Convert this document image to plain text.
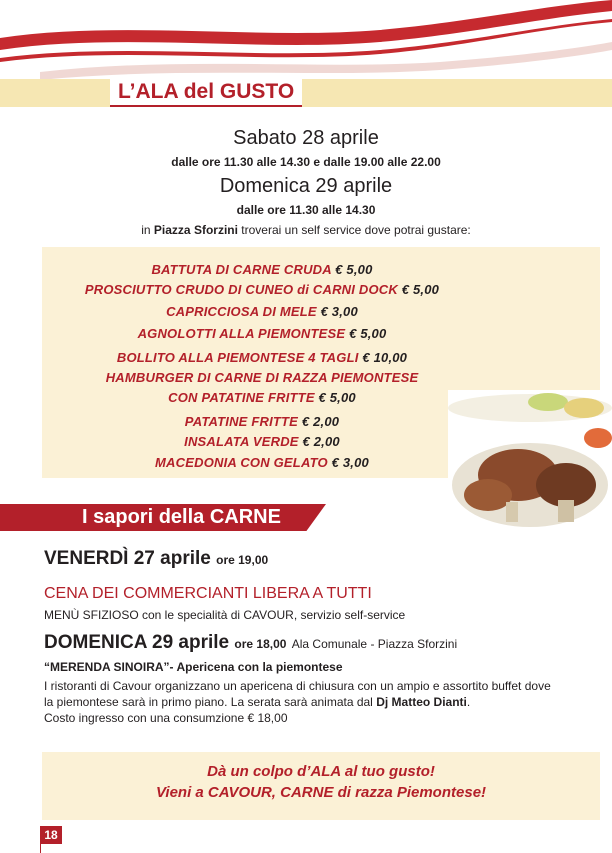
L’ALA del GUSTO
Sabato 28 aprile
dalle ore 11.30 alle 14.30 e dalle 19.00 alle 22.00
Domenica 29 aprile
dalle ore 11.30 alle 14.30
in Piazza Sforzini troverai un self service dove potrai gustare:
BATTUTA DI CARNE CRUDA € 5,00
PROSCIUTTO CRUDO DI CUNEO di CARNI DOCK € 5,00
CAPRICCIOSA DI MELE € 3,00
AGNOLOTTI ALLA PIEMONTESE € 5,00
BOLLITO ALLA PIEMONTESE 4 TAGLI € 10,00
HAMBURGER DI CARNE DI RAZZA PIEMONTESE
CON PATATINE FRITTE € 5,00
PATATINE FRITTE € 2,00
INSALATA VERDE € 2,00
MACEDONIA CON GELATO € 3,00
I sapori della CARNE
VENERDÌ 27 aprile ore 19,00
CENA DEI COMMERCIANTI LIBERA A TUTTI
MENÙ SFIZIOSO con le specialità di CAVOUR, servizio self-service
DOMENICA 29 aprile ore 18,00 Ala Comunale - Piazza Sforzini
“MERENDA SINOIRA”- Apericena con la piemontese
I ristoranti di Cavour organizzano un apericena di chiusura con un ampio e assortito buffet dove
la piemontese sarà in primo piano. La serata sarà animata dal Dj Matteo Dianti.
Costo ingresso con una consumzione € 18,00
Dà un colpo d’ALA al tuo gusto!
Vieni a CAVOUR, CARNE di razza Piemontese!
18
